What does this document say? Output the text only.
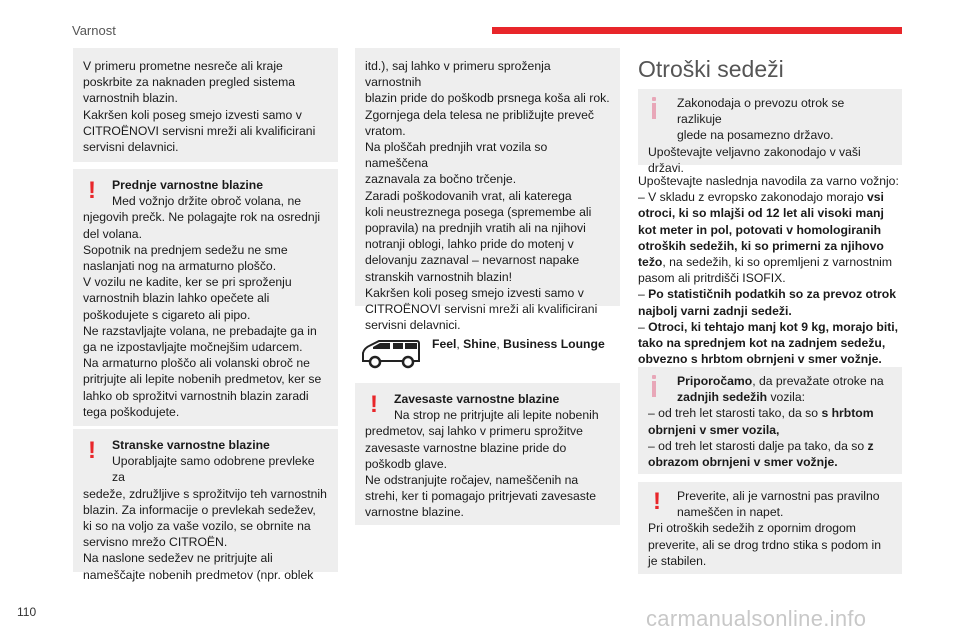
Varnost
110	carmanualsonline.info

V primeru prometne nesreče ali kraje

poskrbite za naknaden pregled sistema

varnostnih blazin.

Kakršen koli poseg smejo izvesti samo v

CITROËNOVI servisni mreži ali kvalificirani

servisni delavnici.

!	Prednje varnostne blazine

Med vožnjo držite obroč volana, ne

njegovih prečk. Ne polagajte rok na osrednji

del volana.

Sopotnik na prednjem sedežu ne sme

naslanjati nog na armaturno ploščo.

V vozilu ne kadite, ker se pri sproženju

varnostnih blazin lahko opečete ali

poškodujete s cigareto ali pipo.

Ne razstavljajte volana, ne prebadajte ga in

ga ne izpostavljajte močnejšim udarcem.

Na armaturno ploščo ali volanski obroč ne

pritrjujte ali lepite nobenih predmetov, ker se

lahko ob sprožitvi varnostnih blazin zaradi

tega poškodujete.

!	Stranske varnostne blazine

Uporabljajte samo odobrene prevleke za

sedeže, združljive s sprožitvijo teh varnostnih

blazin. Za informacije o prevlekah sedežev,

ki so na voljo za vaše vozilo, se obrnite na

servisno mrežo CITROËN.

Na naslone sedežev ne pritrjujte ali

nameščajte nobenih predmetov (npr. oblek

itd.), saj lahko v primeru sproženja varnostnih

blazin pride do poškodb prsnega koša ali rok.

Zgornjega dela telesa ne približujte preveč

vratom.

Na ploščah prednjih vrat vozila so nameščena

zaznavala za bočno trčenje.

Zaradi poškodovanih vrat, ali katerega

koli neustreznega posega (spremembe ali

popravila) na prednjih vratih ali na njihovi

notranji oblogi, lahko pride do motenj v

delovanju zaznaval – nevarnost napake

stranskih varnostnih blazin!

Kakršen koli poseg smejo izvesti samo v

CITROËNOVI servisni mreži ali kvalificirani

servisni delavnici.

Feel, Shine, Business Lounge
!	Zavesaste varnostne blazine

Na strop ne pritrjujte ali lepite nobenih

predmetov, saj lahko v primeru sprožitve

zavesaste varnostne blazine pride do

poškodb glave.

Ne odstranjujte ročajev, nameščenih na

strehi, ker ti pomagajo pritrjevati zavesaste

varnostne blazine.

Otroški sedeži

Zakonodaja o prevozu otrok se razlikuje

glede na posamezno državo.

Upoštevajte veljavno zakonodajo v vaši

državi.

Upoštevajte naslednja navodila za varno vožnjo:

– V skladu z evropsko zakonodajo morajo vsi

otroci, ki so mlajši od 12 let ali visoki manj

kot meter in pol, potovati v homologiranih

otroških sedežih, ki so primerni za njihovo

težo, na sedežih, ki so opremljeni z varnostnim

pasom ali pritrdišči ISOFIX.

– Po statističnih podatkih so za prevoz otrok

najbolj varni zadnji sedeži.

– Otroci, ki tehtajo manj kot 9 kg, morajo biti,

tako na sprednjem kot na zadnjem sedežu,

obvezno s hrbtom obrnjeni v smer vožnje.

Priporočamo, da prevažate otroke na

zadnjih sedežih vozila:

– od treh let starosti tako, da so s hrbtom

obrnjeni v smer vozila,

– od treh let starosti dalje pa tako, da so z

obrazom obrnjeni v smer vožnje.

!	Preverite, ali je varnostni pas pravilno

nameščen in napet.

Pri otroških sedežih z opornim drogom

preverite, ali se drog trdno stika s podom in

je stabilen.
